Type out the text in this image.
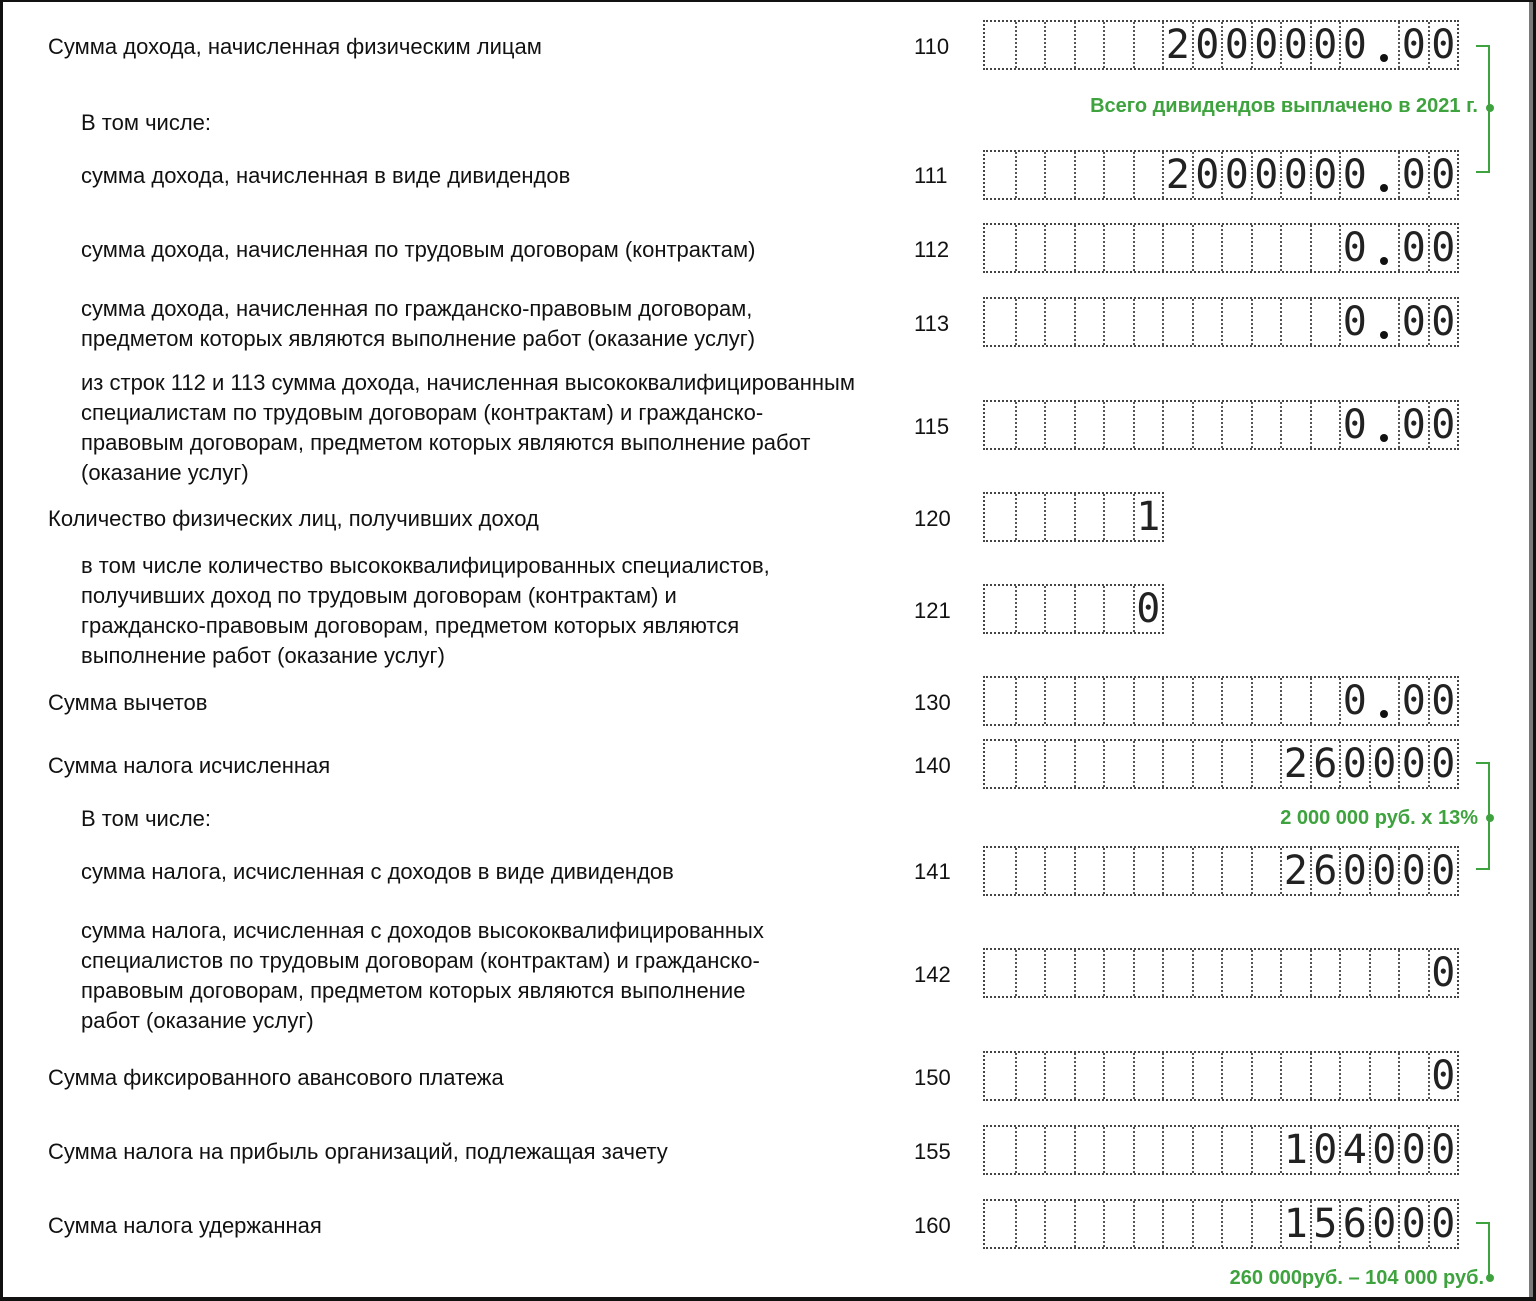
Сумма дохода, начисленная физическим лицам	110	2 0 0 0 0 0 0 0 0
В том числе:
сумма дохода, начисленная в виде дивидендов	111	2 0 0 0 0 0 0 0 0
сумма дохода, начисленная по трудовым договорам (контрактам)	112	0 0 0
сумма дохода, начисленная по гражданско-правовым договорам,
предметом которых являются выполнение работ (оказание услуг)
113	0 0 0
из строк 112 и 113 сумма дохода, начисленная высококвалифицированным
специалистам по трудовым договорам (контрактам) и гражданско-
правовым договорам, предметом которых являются выполнение работ
(оказание услуг)
115	0 0 0
Количество физических лиц, получивших доход	120	1
в том числе количество высококвалифицированных специалистов,
получивших доход по трудовым договорам (контрактам) и
гражданско-правовым договорам, предметом которых являются
выполнение работ (оказание услуг)
121	0
Сумма вычетов	130	0 0 0
Сумма налога исчисленная	140	2 6 0 0 0 0
В том числе:
сумма налога, исчисленная с доходов в виде дивидендов	141	2 6 0 0 0 0
сумма налога, исчисленная с доходов высококвалифицированных
специалистов по трудовым договорам (контрактам) и гражданско-
правовым договорам, предметом которых являются выполнение
работ (оказание услуг)
142	0
Сумма фиксированного авансового платежа	150	0
Сумма налога на прибыль организаций, подлежащая зачету	155	1 0 4 0 0 0
Сумма налога удержанная	160	1 5 6 0 0 0
Всего дивидендов выплачено в 2021 г.
2 000 000 руб. х 13%
260 000руб. – 104 000 руб.
